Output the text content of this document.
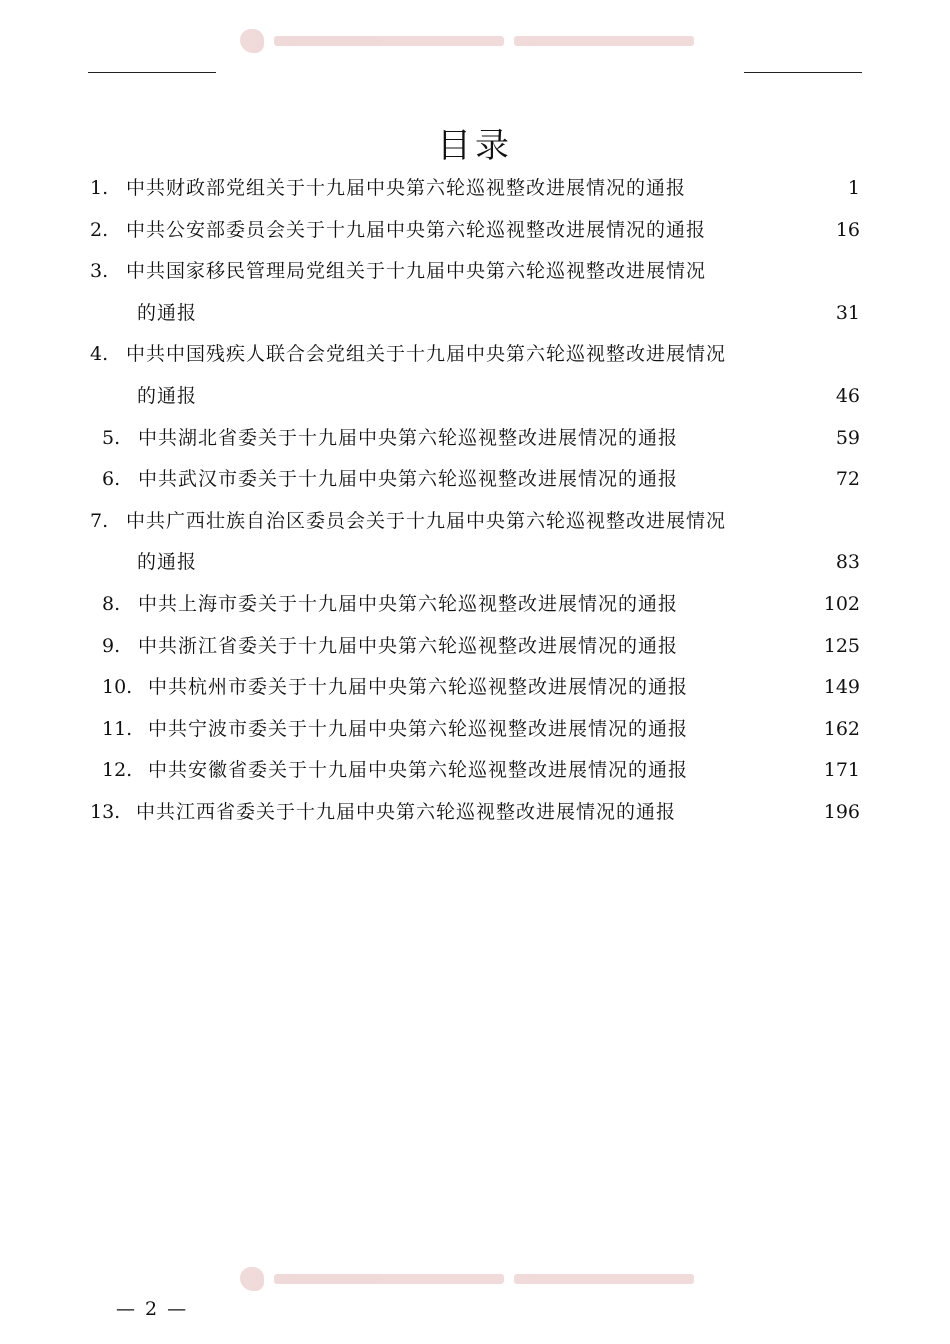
目录
1. 中共财政部党组关于十九届中央第六轮巡视整改进展情况的通报	1
2. 中共公安部委员会关于十九届中央第六轮巡视整改进展情况的通报	16
3. 中共国家移民管理局党组关于十九届中央第六轮巡视整改进展情况
的通报	31
4. 中共中国残疾人联合会党组关于十九届中央第六轮巡视整改进展情况
的通报	46
5. 中共湖北省委关于十九届中央第六轮巡视整改进展情况的通报	59
6. 中共武汉市委关于十九届中央第六轮巡视整改进展情况的通报	72
7. 中共广西壮族自治区委员会关于十九届中央第六轮巡视整改进展情况
的通报	83
8. 中共上海市委关于十九届中央第六轮巡视整改进展情况的通报	102
9. 中共浙江省委关于十九届中央第六轮巡视整改进展情况的通报	125
10. 中共杭州市委关于十九届中央第六轮巡视整改进展情况的通报	149
11. 中共宁波市委关于十九届中央第六轮巡视整改进展情况的通报	162
12. 中共安徽省委关于十九届中央第六轮巡视整改进展情况的通报	171
13. 中共江西省委关于十九届中央第六轮巡视整改进展情况的通报	196
— 2 —
